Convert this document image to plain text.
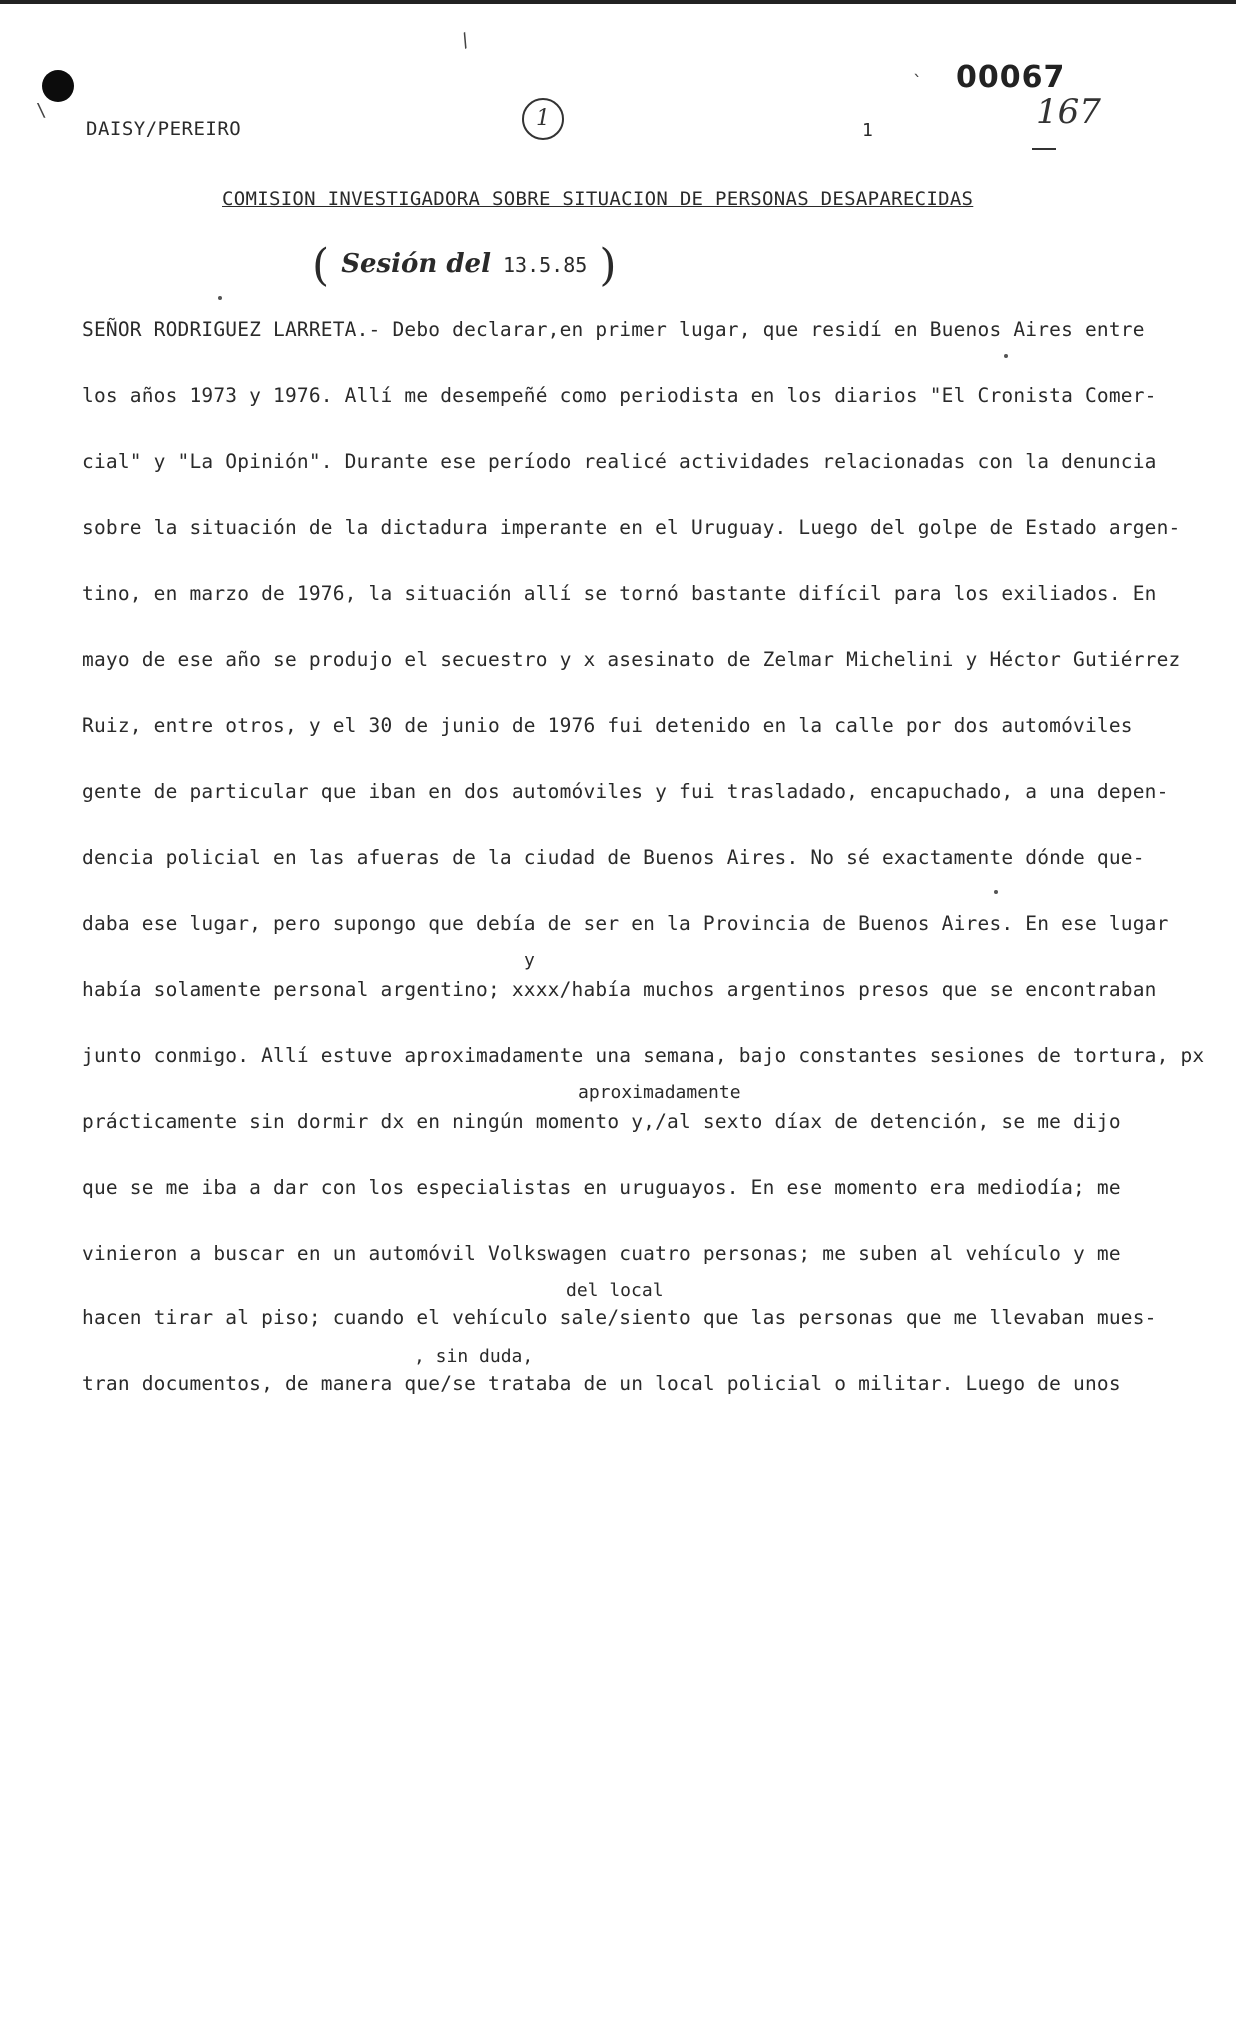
\
/
DAISY/PEREIRO	1	1
00067
`
167
COMISION INVESTIGADORA SOBRE SITUACION DE PERSONAS DESAPARECIDAS
( Sesión del 13.5.85 )
SEÑOR RODRIGUEZ LARRETA.- Debo declarar,en primer lugar, que residí en Buenos Aires entre
los años 1973 y 1976. Allí me desempeñé como periodista en los diarios "El Cronista Comer-
cial" y "La Opinión". Durante ese período realicé actividades relacionadas con la denuncia
sobre la situación de la dictadura imperante en el Uruguay. Luego del golpe de Estado argen-
tino, en marzo de 1976, la situación allí se tornó bastante difícil para los exiliados. En
mayo de ese año se produjo el secuestro y x asesinato de Zelmar Michelini y Héctor Gutiérrez
Ruiz, entre otros, y el 30 de junio de 1976 fui detenido en la calle por dos automóviles
gente de particular que iban en dos automóviles y fui trasladado, encapuchado, a una depen-
dencia policial en las afueras de la ciudad de Buenos Aires. No sé exactamente dónde que-
daba ese lugar, pero supongo que debía de ser en la Provincia de Buenos Aires. En ese lugar
y
había solamente personal argentino; xxxx/había muchos argentinos presos que se encontraban
junto conmigo. Allí estuve aproximadamente una semana, bajo constantes sesiones de tortura, px
aproximadamente
prácticamente sin dormir dx en ningún momento y,/al sexto díax de detención, se me dijo
que se me iba a dar con los especialistas en uruguayos. En ese momento era mediodía; me
vinieron a buscar en un automóvil Volkswagen cuatro personas; me suben al vehículo y me
del local
hacen tirar al piso; cuando el vehículo sale/siento que las personas que me llevaban mues-
, sin duda,
tran documentos, de manera que/se trataba de un local policial o militar. Luego de unos
